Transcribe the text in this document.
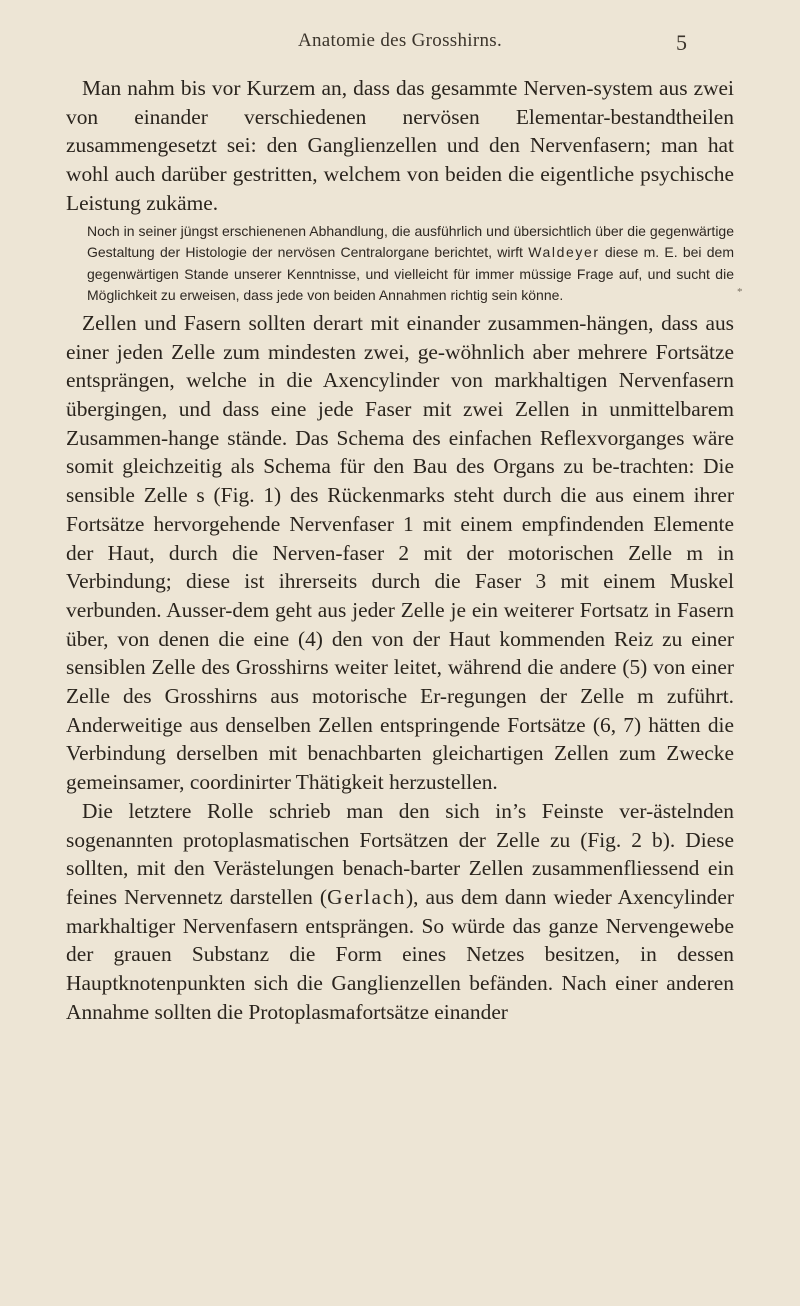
Anatomie des Grosshirns.	5

Man nahm bis vor Kurzem an, dass das gesammte Nerven-system aus zwei von einander verschiedenen nervösen Elementar-bestandtheilen zusammengesetzt sei: den Ganglienzellen und den Nervenfasern; man hat wohl auch darüber gestritten, welchem von beiden die eigentliche psychische Leistung zukäme.

Noch in seiner jüngst erschienenen Abhandlung, die ausführlich und übersichtlich über die gegenwärtige Gestaltung der Histologie der nervösen Centralorgane berichtet, wirft Waldeyer diese m. E. bei dem gegenwärtigen Stande unserer Kenntnisse, und vielleicht für immer müssige Frage auf, und sucht die Möglichkeit zu erweisen, dass jede von beiden Annahmen richtig sein könne.

Zellen und Fasern sollten derart mit einander zusammen-hängen, dass aus einer jeden Zelle zum mindesten zwei, ge-wöhnlich aber mehrere Fortsätze entsprängen, welche in die Axencylinder von markhaltigen Nervenfasern übergingen, und dass eine jede Faser mit zwei Zellen in unmittelbarem Zusammen-hange stände. Das Schema des einfachen Reflexvorganges wäre somit gleichzeitig als Schema für den Bau des Organs zu be-trachten: Die sensible Zelle s (Fig. 1) des Rückenmarks steht durch die aus einem ihrer Fortsätze hervorgehende Nervenfaser 1 mit einem empfindenden Elemente der Haut, durch die Nerven-faser 2 mit der motorischen Zelle m in Verbindung; diese ist ihrerseits durch die Faser 3 mit einem Muskel verbunden. Ausser-dem geht aus jeder Zelle je ein weiterer Fortsatz in Fasern über, von denen die eine (4) den von der Haut kommenden Reiz zu einer sensiblen Zelle des Grosshirns weiter leitet, während die andere (5) von einer Zelle des Grosshirns aus motorische Er-regungen der Zelle m zuführt. Anderweitige aus denselben Zellen entspringende Fortsätze (6, 7) hätten die Verbindung derselben mit benachbarten gleichartigen Zellen zum Zwecke gemeinsamer, coordinirter Thätigkeit herzustellen.

Die letztere Rolle schrieb man den sich in’s Feinste ver-ästelnden sogenannten protoplasmatischen Fortsätzen der Zelle zu (Fig. 2 b). Diese sollten, mit den Verästelungen benach-barter Zellen zusammenfliessend ein feines Nervennetz darstellen (Gerlach), aus dem dann wieder Axencylinder markhaltiger Nervenfasern entsprängen. So würde das ganze Nervengewebe der grauen Substanz die Form eines Netzes besitzen, in dessen Hauptknotenpunkten sich die Ganglienzellen befänden. Nach einer anderen Annahme sollten die Protoplasmafortsätze einander

*
